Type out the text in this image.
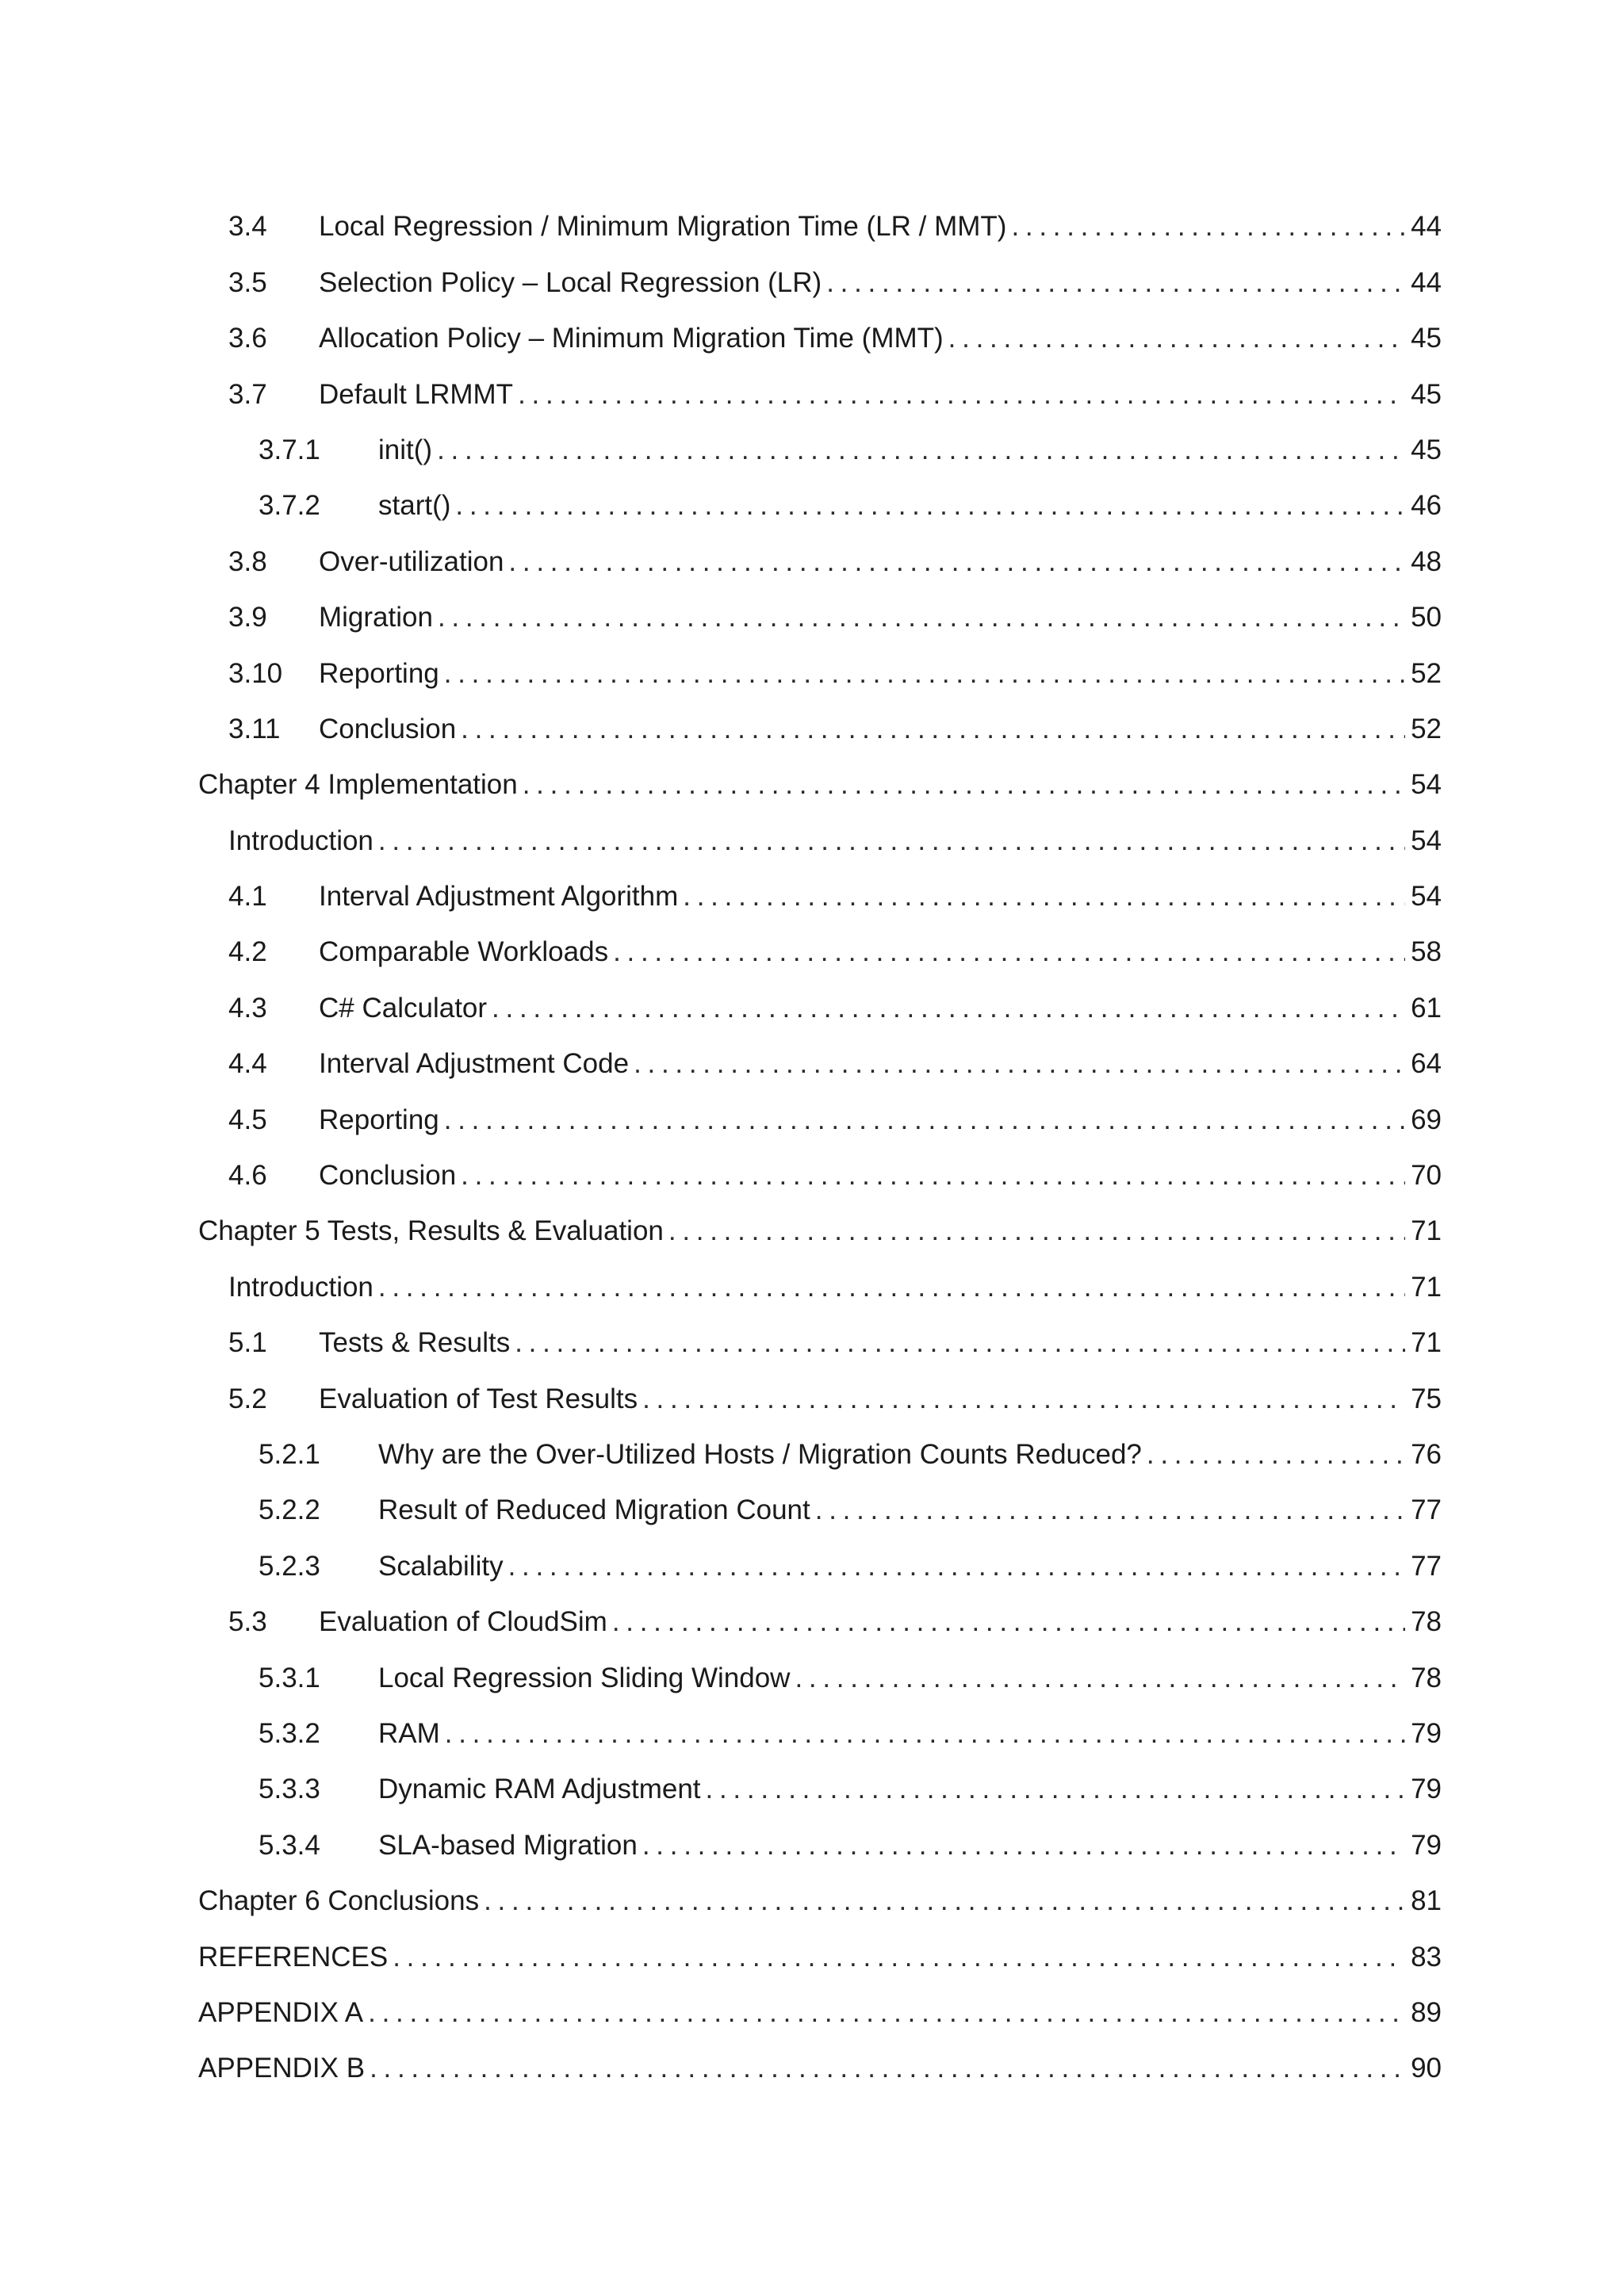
3.4	Local Regression / Minimum Migration Time (LR / MMT) . . .	44
3.5	Selection Policy – Local Regression (LR) . . .	44
3.6	Allocation Policy – Minimum Migration Time (MMT) . . .	45
3.7	Default LRMMT . . .	45
3.7.1	init() . . .	45
3.7.2	start() . . .	46
3.8	Over-utilization . . .	48
3.9	Migration . . .	50
3.10	Reporting . . .	52
3.11	Conclusion . . .	52
Chapter 4 Implementation . . .	54
Introduction . . .	54
4.1	Interval Adjustment Algorithm . . .	54
4.2	Comparable Workloads . . .	58
4.3	C# Calculator . . .	61
4.4	Interval Adjustment Code . . .	64
4.5	Reporting . . .	69
4.6	Conclusion . . .	70
Chapter 5 Tests, Results & Evaluation . . .	71
Introduction . . .	71
5.1	Tests & Results . . .	71
5.2	Evaluation of Test Results . . .	75
5.2.1	Why are the Over-Utilized Hosts / Migration Counts Reduced? . . .	76
5.2.2	Result of Reduced Migration Count . . .	77
5.2.3	Scalability . . .	77
5.3	Evaluation of CloudSim . . .	78
5.3.1	Local Regression Sliding Window . . .	78
5.3.2	RAM . . .	79
5.3.3	Dynamic RAM Adjustment . . .	79
5.3.4	SLA-based Migration . . .	79
Chapter 6 Conclusions . . .	81
REFERENCES . . .	83
APPENDIX A . . .	89
APPENDIX B . . .	90
